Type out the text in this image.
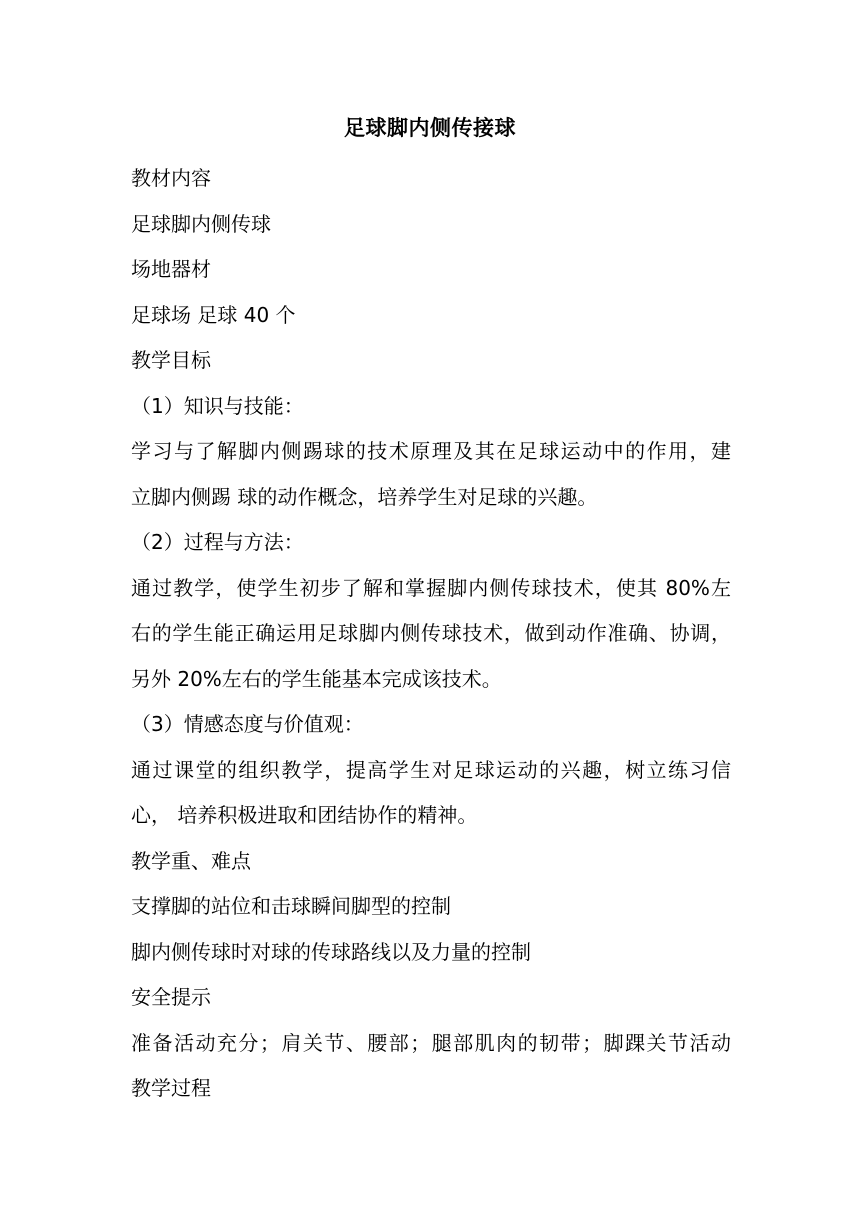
足球脚内侧传接球
教材内容
足球脚内侧传球
场地器材
足球场 足球 40 个
教学目标
（1）知识与技能：
学习与了解脚内侧踢球的技术原理及其在足球运动中的作用，建
立脚内侧踢 球的动作概念，培养学生对足球的兴趣。
（2）过程与方法：
通过教学，使学生初步了解和掌握脚内侧传球技术，使其 80%左
右的学生能正确运用足球脚内侧传球技术，做到动作准确、协调，
另外 20%左右的学生能基本完成该技术。
（3）情感态度与价值观：
通过课堂的组织教学，提高学生对足球运动的兴趣，树立练习信
心， 培养积极进取和团结协作的精神。
教学重、难点
支撑脚的站位和击球瞬间脚型的控制
脚内侧传球时对球的传球路线以及力量的控制
安全提示
准备活动充分；肩关节、腰部；腿部肌肉的韧带；脚踝关节活动
教学过程
